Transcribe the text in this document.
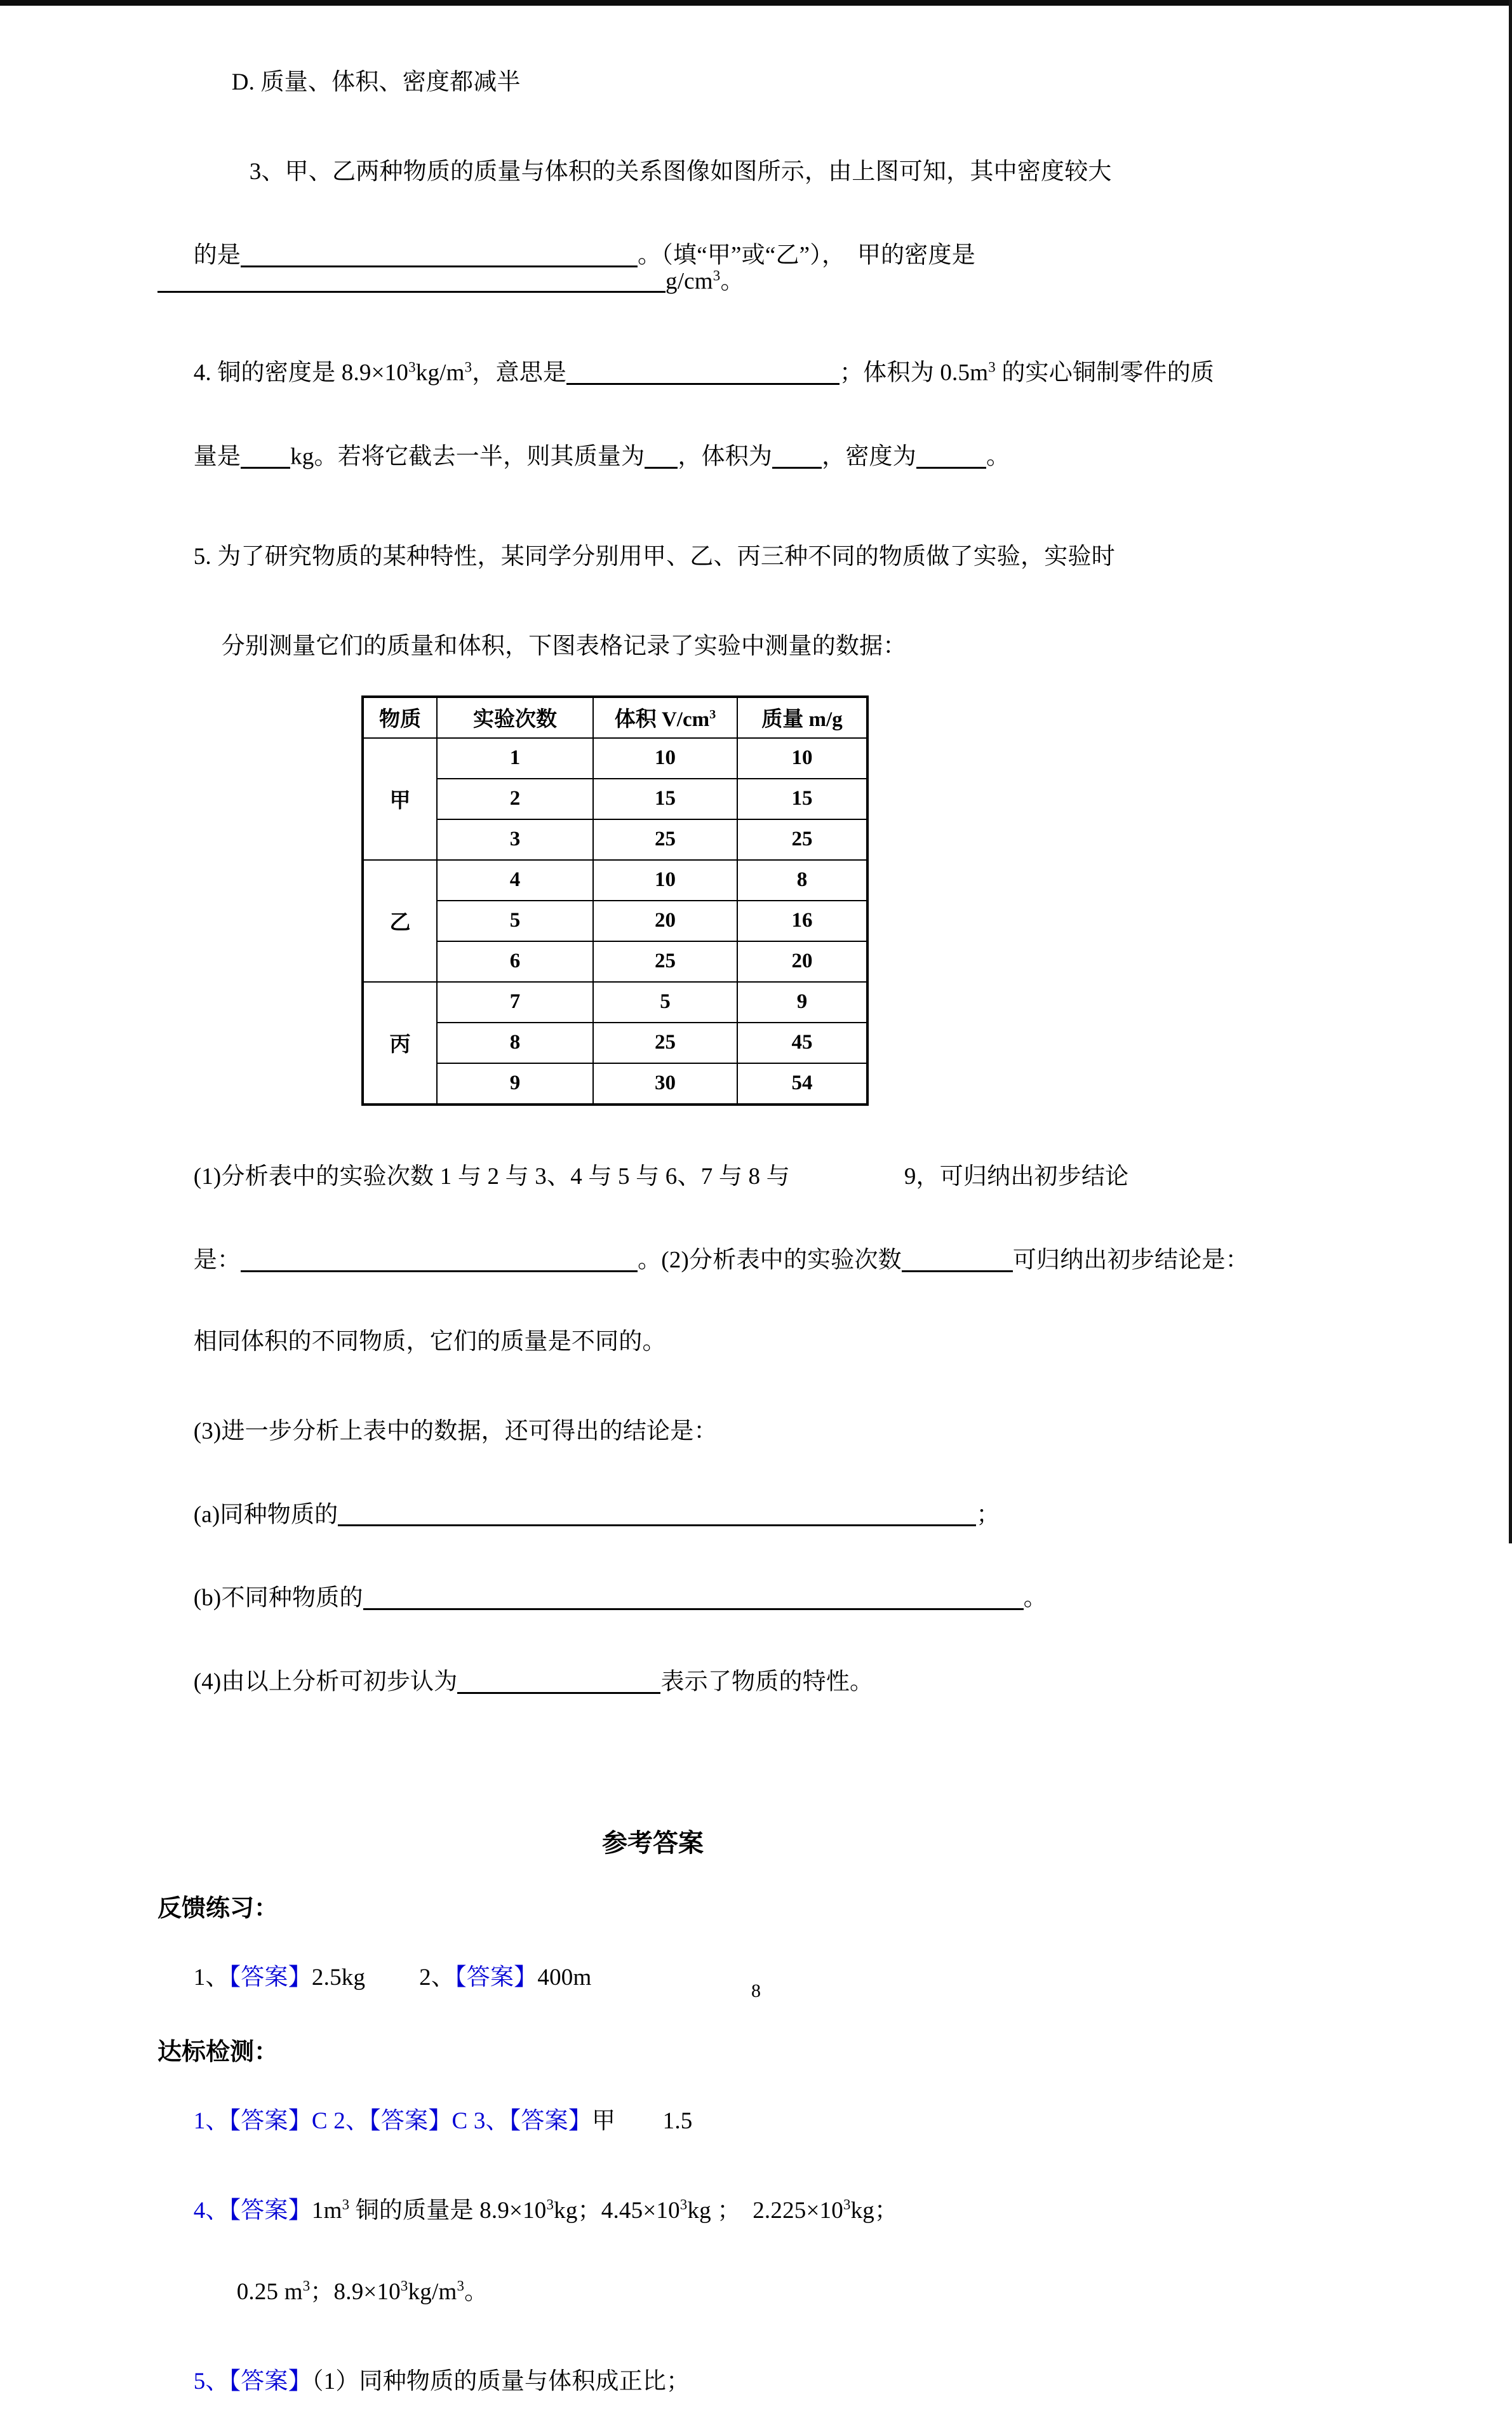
D. 质量、体积、密度都减半

3、甲、乙两种物质的质量与体积的关系图像如图所示，由上图可知，其中密度较大

的是	。（填“甲”或“乙”），　甲的密度是$g/cm^3$。

4. 铜的密度是 $8.9\times 10^3kg/m^3$，意思是	；体积为 $0.5m^3$ 的实心铜制零件的质

量是 kg。若将它截去一半，则其质量为 ，体积为 ，密度为	。

5. 为了研究物质的某种特性，某同学分别用甲、乙、丙三种不同的物质做了实验，实验时

分别测量它们的质量和体积，下图表格记录了实验中测量的数据：

物质	实验次数	体积 $V/cm^3$	质量 m/g
甲	1	10	10
	2	15	15
	3	25	25
乙	4	10	8
	5	20	16
	6	25	20
丙	7	5	9
	8	25	45
	9	30	54

(1)分析表中的实验次数 1 与 2 与 3、4 与 5 与 6、7 与 8 与	9，可归纳出初步结论

是：	。(2)分析表中的实验次数	可归纳出初步结论是：

相同体积的不同物质，它们的质量是不同的。

(3)进一步分析上表中的数据，还可得出的结论是：

(a)同种物质的	；

(b)不同种物质的	。

(4)由以上分析可初步认为	表示了物质的特性。

参考答案
反馈练习：

1、【答案】2.5kg 2、【答案】400m

达标检测：

1、【答案】C 2、【答案】C 3、【答案】甲　　1.5

4、【答案】$1m^3$ 铜的质量是 $8.9\times 10^3kg$；$4.45\times 10^3kg$ ；　$2.225\times 10^3kg$；

0.25 $m^3$；$8.9\times 10^3kg/m^3$。

5、【答案】（1）同种物质的质量与体积成正比；

8
